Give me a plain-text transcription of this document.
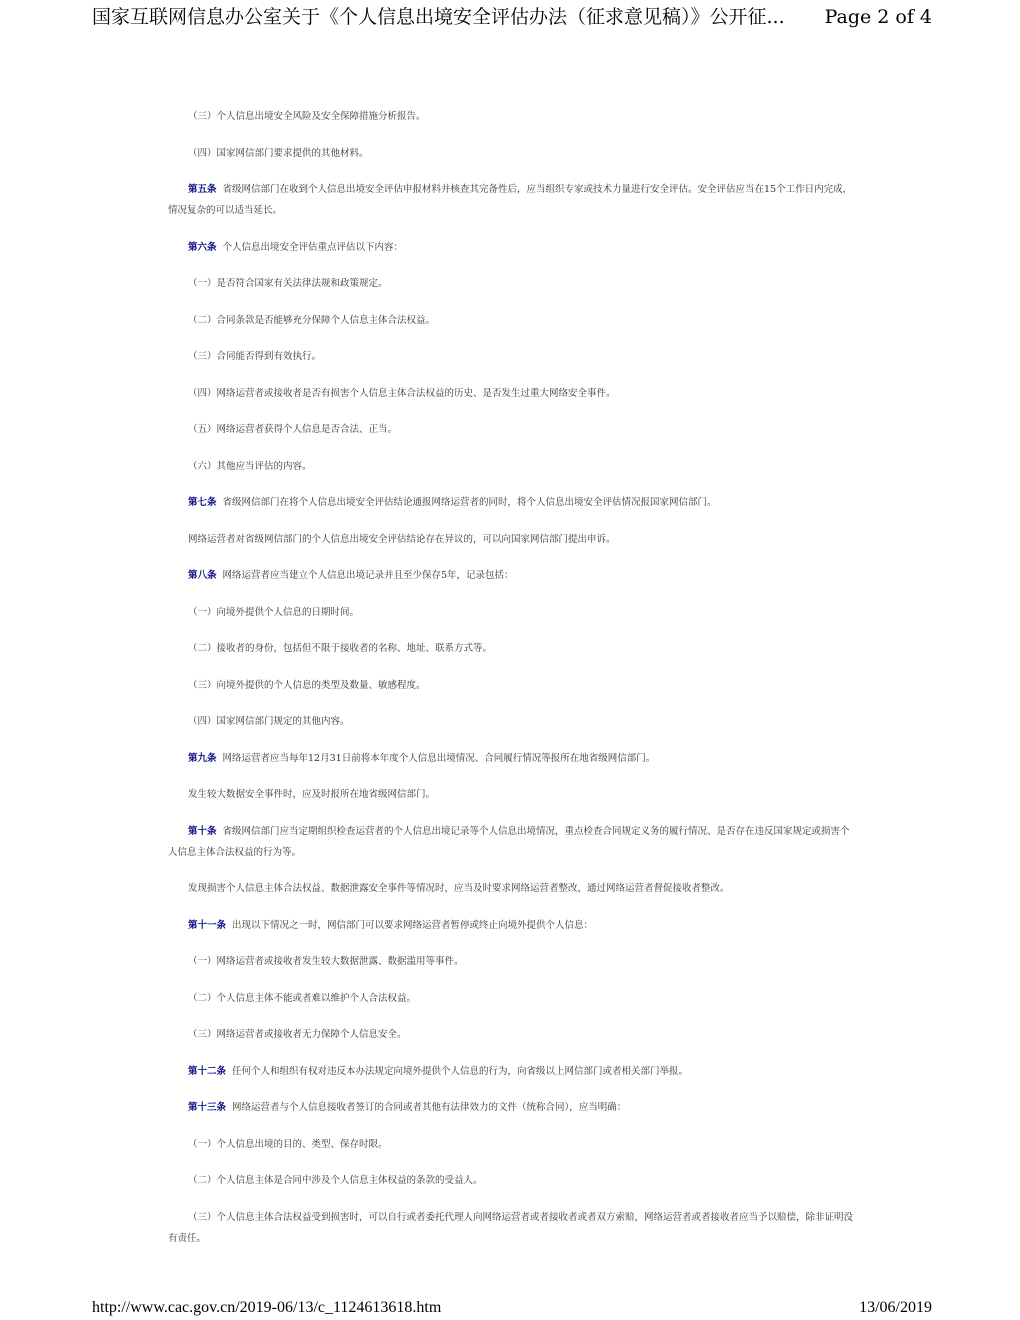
国家互联网信息办公室关于《个人信息出境安全评估办法（征求意见稿）》公开征... Page 2 of 4

（三）个人信息出境安全风险及安全保障措施分析报告。

（四）国家网信部门要求提供的其他材料。

第五条 省级网信部门在收到个人信息出境安全评估申报材料并核查其完备性后，应当组织专家或技术力量进行安全评估。安全评估应当在15个工作日内完成，情况复杂的可以适当延长。

第六条 个人信息出境安全评估重点评估以下内容：

（一）是否符合国家有关法律法规和政策规定。

（二）合同条款是否能够充分保障个人信息主体合法权益。

（三）合同能否得到有效执行。

（四）网络运营者或接收者是否有损害个人信息主体合法权益的历史、是否发生过重大网络安全事件。

（五）网络运营者获得个人信息是否合法、正当。

（六）其他应当评估的内容。

第七条 省级网信部门在将个人信息出境安全评估结论通报网络运营者的同时，将个人信息出境安全评估情况报国家网信部门。

网络运营者对省级网信部门的个人信息出境安全评估结论存在异议的，可以向国家网信部门提出申诉。

第八条 网络运营者应当建立个人信息出境记录并且至少保存5年，记录包括：

（一）向境外提供个人信息的日期时间。

（二）接收者的身份，包括但不限于接收者的名称、地址、联系方式等。

（三）向境外提供的个人信息的类型及数量、敏感程度。

（四）国家网信部门规定的其他内容。

第九条 网络运营者应当每年12月31日前将本年度个人信息出境情况、合同履行情况等报所在地省级网信部门。

发生较大数据安全事件时，应及时报所在地省级网信部门。

第十条 省级网信部门应当定期组织检查运营者的个人信息出境记录等个人信息出境情况，重点检查合同规定义务的履行情况、是否存在违反国家规定或损害个人信息主体合法权益的行为等。

发现损害个人信息主体合法权益、数据泄露安全事件等情况时，应当及时要求网络运营者整改，通过网络运营者督促接收者整改。

第十一条 出现以下情况之一时，网信部门可以要求网络运营者暂停或终止向境外提供个人信息：

（一）网络运营者或接收者发生较大数据泄露、数据滥用等事件。

（二）个人信息主体不能或者难以维护个人合法权益。

（三）网络运营者或接收者无力保障个人信息安全。

第十二条 任何个人和组织有权对违反本办法规定向境外提供个人信息的行为，向省级以上网信部门或者相关部门举报。

第十三条 网络运营者与个人信息接收者签订的合同或者其他有法律效力的文件（统称合同），应当明确：

（一）个人信息出境的目的、类型、保存时限。

（二）个人信息主体是合同中涉及个人信息主体权益的条款的受益人。

（三）个人信息主体合法权益受到损害时，可以自行或者委托代理人向网络运营者或者接收者或者双方索赔，网络运营者或者接收者应当予以赔偿，除非证明没有责任。

http://www.cac.gov.cn/2019-06/13/c_1124613618.htm	13/06/2019
